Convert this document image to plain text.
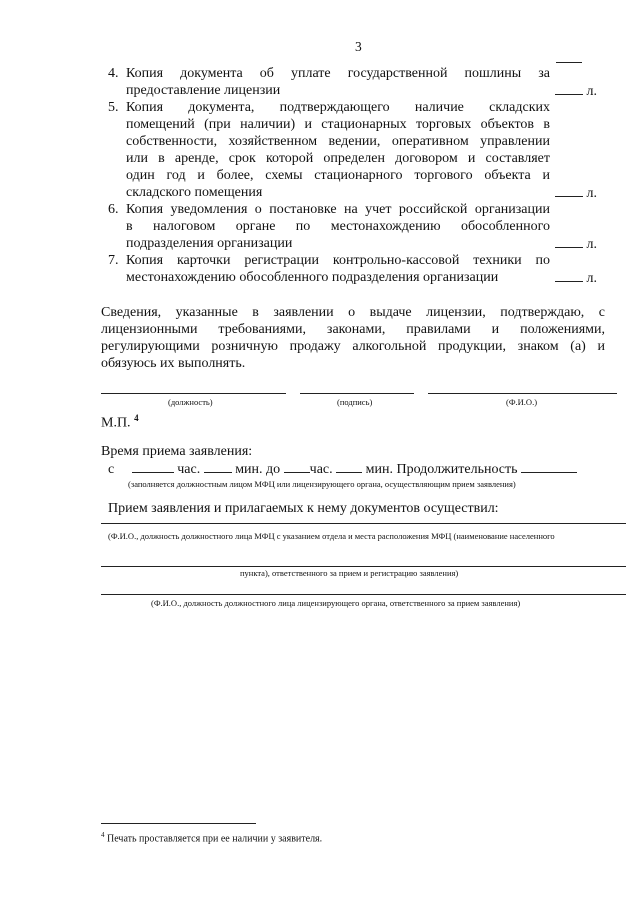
3
4. Копия документа об уплате государственной пошлины за
предоставление лицензии	л.
5. Копия документа, подтверждающего наличие складских
помещений (при наличии) и стационарных торговых объектов в
собственности, хозяйственном ведении, оперативном управлении
или в аренде, срок которой определен договором и составляет
один год и более, схемы стационарного торгового объекта и
складского помещения	л.
6. Копия уведомления о постановке на учет российской организации
в налоговом органе по местонахождению обособленного
подразделения организации	л.
7. Копия карточки регистрации контрольно-кассовой техники по
местонахождению обособленного подразделения организации	л.
Сведения, указанные в заявлении о выдаче лицензии, подтверждаю, с
лицензионными требованиями, законами, правилами и положениями,
регулирующими розничную продажу алкогольной продукции, знаком (а) и
обязуюсь их выполнять.
(должность)	(подпись)	(Ф.И.О.)
М.П. $^4$
Время приема заявления:
с	час.	мин. до час. мин. Продолжительность
(заполняется должностным лицом МФЦ или лицензирующего органа, осуществляющим прием заявления)
Прием заявления и прилагаемых к нему документов осуществил:
(Ф.И.О., должность должностного лица МФЦ с указанием отдела и места расположения МФЦ (наименование населенного
пункта), ответственного за прием и регистрацию заявления)
(Ф.И.О., должность должностного лица лицензирующего органа, ответственного за прием заявления)
$^4$ Печать проставляется при ее наличии у заявителя.
